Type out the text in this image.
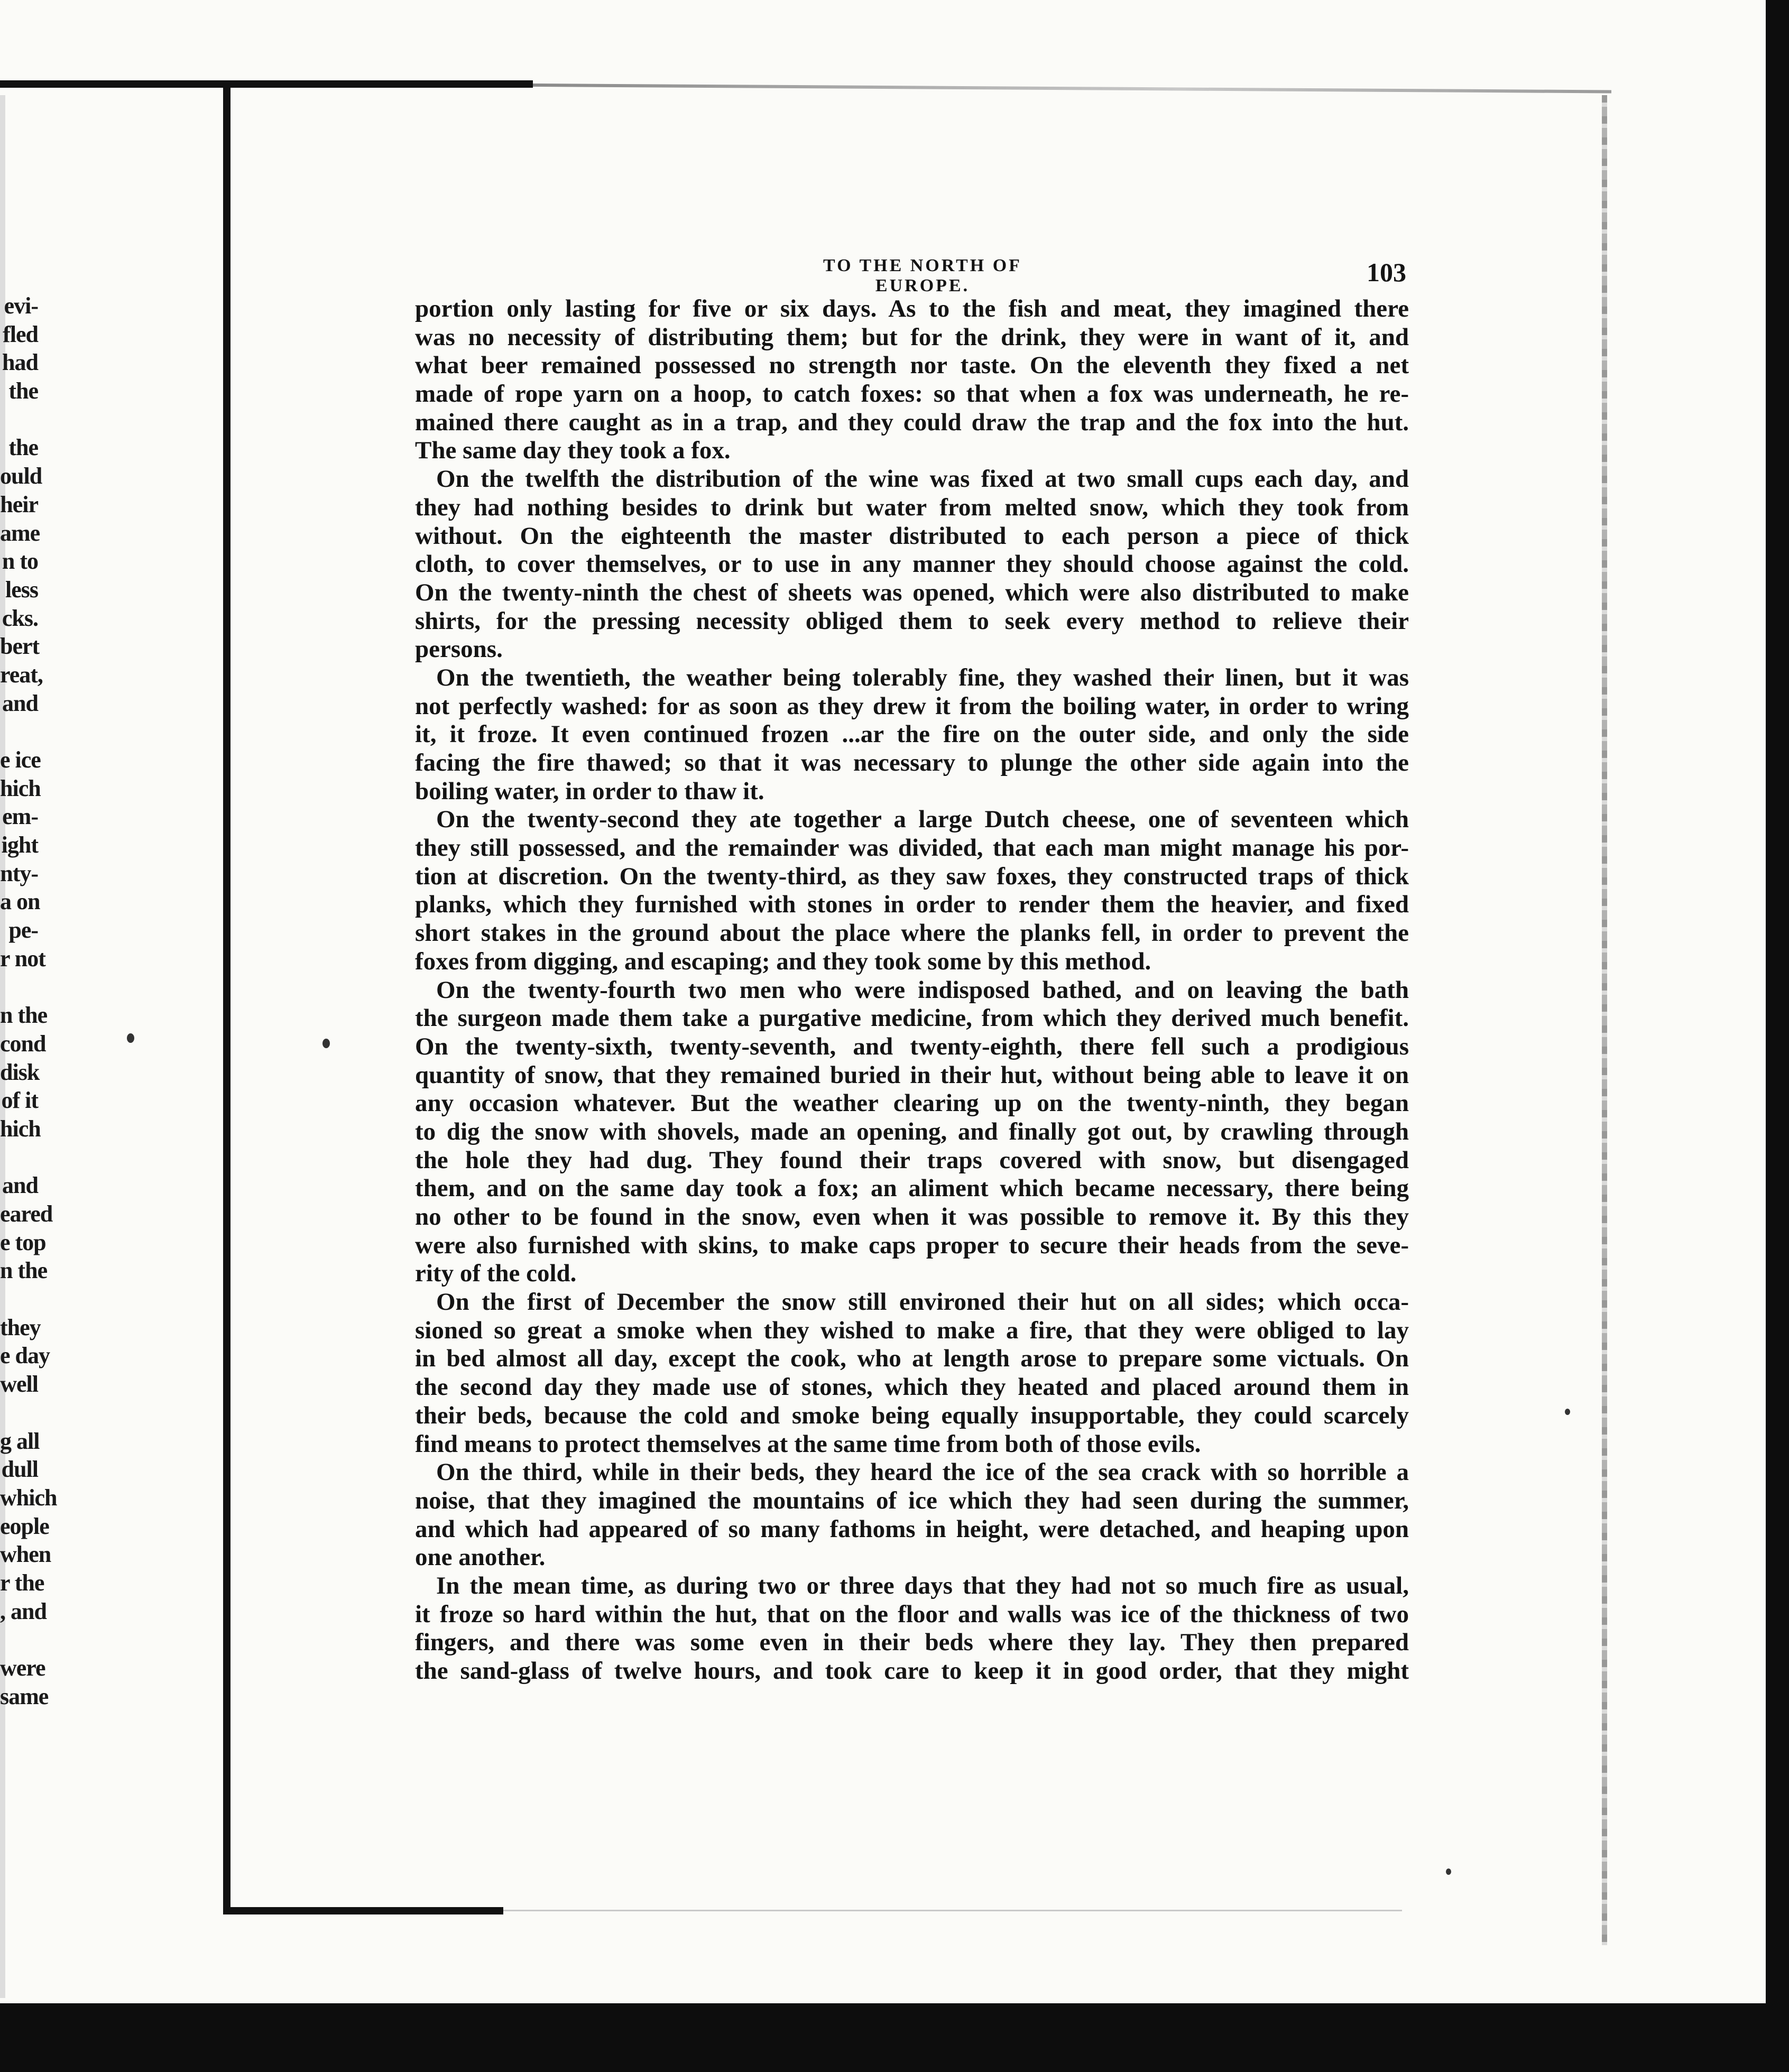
evi-
fled
had
the
the
ould
heir
ame
n to
less
cks.
bert
reat,
and
e ice
hich
em-
ight
nty-
a on
pe-
r not
n the
cond
disk
of it
hich
and
eared
e top
n the
they
e day
well
g all
dull
which
eople
when
r the
, and
were
same
TO THE NORTH OF EUROPE.	103
portion only lasting for five or six days. As to the fish and meat, they imagined there
was no necessity of distributing them; but for the drink, they were in want of it, and
what beer remained possessed no strength nor taste. On the eleventh they fixed a net
made of rope yarn on a hoop, to catch foxes: so that when a fox was underneath, he re-
mained there caught as in a trap, and they could draw the trap and the fox into the hut.
The same day they took a fox.
On the twelfth the distribution of the wine was fixed at two small cups each day, and
they had nothing besides to drink but water from melted snow, which they took from
without. On the eighteenth the master distributed to each person a piece of thick
cloth, to cover themselves, or to use in any manner they should choose against the cold.
On the twenty-ninth the chest of sheets was opened, which were also distributed to make
shirts, for the pressing necessity obliged them to seek every method to relieve their
persons.
On the twentieth, the weather being tolerably fine, they washed their linen, but it was
not perfectly washed: for as soon as they drew it from the boiling water, in order to wring
it, it froze. It even continued frozen ...ar the fire on the outer side, and only the side
facing the fire thawed; so that it was necessary to plunge the other side again into the
boiling water, in order to thaw it.
On the twenty-second they ate together a large Dutch cheese, one of seventeen which
they still possessed, and the remainder was divided, that each man might manage his por-
tion at discretion. On the twenty-third, as they saw foxes, they constructed traps of thick
planks, which they furnished with stones in order to render them the heavier, and fixed
short stakes in the ground about the place where the planks fell, in order to prevent the
foxes from digging, and escaping; and they took some by this method.
On the twenty-fourth two men who were indisposed bathed, and on leaving the bath
the surgeon made them take a purgative medicine, from which they derived much benefit.
On the twenty-sixth, twenty-seventh, and twenty-eighth, there fell such a prodigious
quantity of snow, that they remained buried in their hut, without being able to leave it on
any occasion whatever. But the weather clearing up on the twenty-ninth, they began
to dig the snow with shovels, made an opening, and finally got out, by crawling through
the hole they had dug. They found their traps covered with snow, but disengaged
them, and on the same day took a fox; an aliment which became necessary, there being
no other to be found in the snow, even when it was possible to remove it. By this they
were also furnished with skins, to make caps proper to secure their heads from the seve-
rity of the cold.
On the first of December the snow still environed their hut on all sides; which occa-
sioned so great a smoke when they wished to make a fire, that they were obliged to lay
in bed almost all day, except the cook, who at length arose to prepare some victuals. On
the second day they made use of stones, which they heated and placed around them in
their beds, because the cold and smoke being equally insupportable, they could scarcely
find means to protect themselves at the same time from both of those evils.
On the third, while in their beds, they heard the ice of the sea crack with so horrible a
noise, that they imagined the mountains of ice which they had seen during the summer,
and which had appeared of so many fathoms in height, were detached, and heaping upon
one another.
In the mean time, as during two or three days that they had not so much fire as usual,
it froze so hard within the hut, that on the floor and walls was ice of the thickness of two
fingers, and there was some even in their beds where they lay. They then prepared
the sand-glass of twelve hours, and took care to keep it in good order, that they might
